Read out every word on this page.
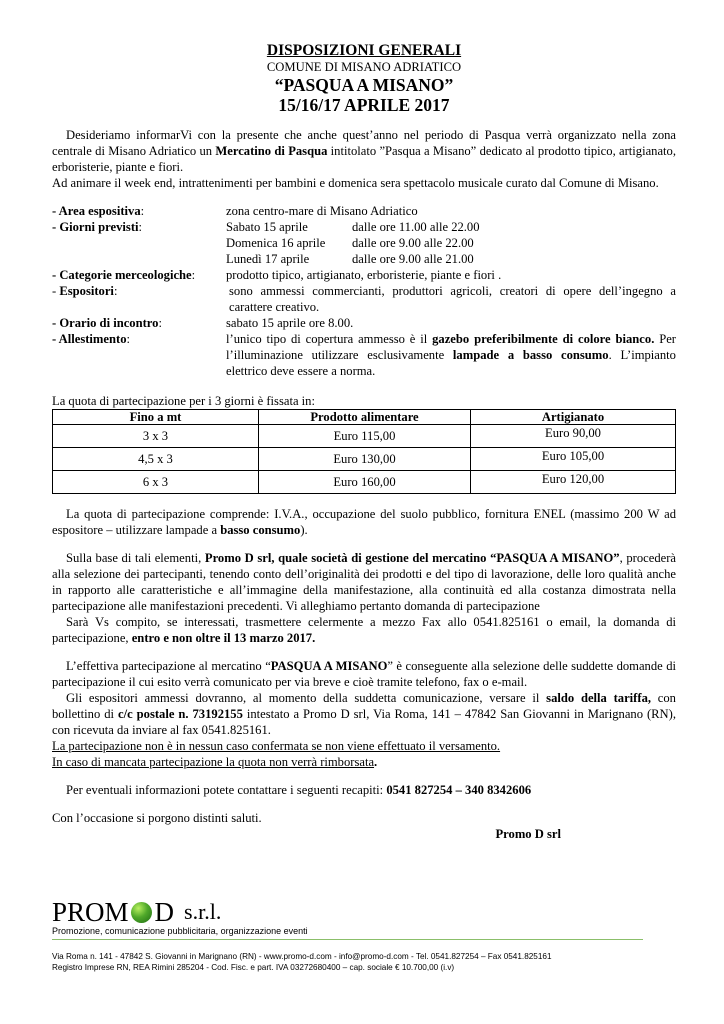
DISPOSIZIONI GENERALI
COMUNE DI MISANO ADRIATICO
“PASQUA A MISANO”
15/16/17 APRILE 2017

Desideriamo informarVi con la presente che anche quest’anno nel periodo di Pasqua verrà organizzato nella zona centrale di Misano Adriatico un Mercatino di Pasqua intitolato ”Pasqua a Misano” dedicato al prodotto tipico, artigianato, erboristerie, piante e fiori.

Ad animare il week end, intrattenimenti per bambini e domenica sera spettacolo musicale curato dal Comune di Misano.

- Area espositiva:	zona centro-mare di Misano Adriatico
- Giorni previsti:	Sabato 15 aprile	dalle ore 11.00 alle 22.00
Domenica 16 aprile	dalle ore 9.00 alle 22.00
Lunedì 17 aprile	dalle ore 9.00 alle 21.00
- Categorie merceologiche:	prodotto tipico, artigianato, erboristerie, piante e fiori .
- Espositori:	sono ammessi commercianti, produttori agricoli, creatori di opere dell’ingegno a carattere creativo.
- Orario di incontro:	sabato 15 aprile ore 8.00.
- Allestimento:	l’unico tipo di copertura ammesso è il gazebo preferibilmente di colore bianco. Per l’illuminazione utilizzare esclusivamente lampade a basso consumo. L’impianto elettrico deve essere a norma.

La quota di partecipazione per i 3 giorni è fissata in:

Fino a mt	Prodotto alimentare	Artigianato
3 x 3	Euro 115,00	Euro 90,00
4,5 x 3	Euro 130,00	Euro 105,00
6 x 3	Euro 160,00	Euro 120,00

La quota di partecipazione comprende: I.V.A., occupazione del suolo pubblico, fornitura ENEL (massimo 200 W ad espositore – utilizzare lampade a basso consumo).

Sulla base di tali elementi, Promo D srl, quale società di gestione del mercatino “PASQUA A MISANO”, procederà alla selezione dei partecipanti, tenendo conto dell’originalità dei prodotti e del tipo di lavorazione, delle loro qualità anche in rapporto alle caratteristiche e all’immagine della manifestazione, alla continuità ed alla costanza dimostrata nella partecipazione alle manifestazioni precedenti. Vi alleghiamo pertanto domanda di partecipazione

Sarà Vs compito, se interessati, trasmettere celermente a mezzo Fax allo 0541.825161 o email, la domanda di partecipazione, entro e non oltre il 13 marzo 2017.

L’effettiva partecipazione al mercatino “PASQUA A MISANO” è conseguente alla selezione delle suddette domande di partecipazione il cui esito verrà comunicato per via breve e cioè tramite telefono, fax o e-mail.

Gli espositori ammessi dovranno, al momento della suddetta comunicazione, versare il saldo della tariffa, con bollettino di c/c postale n. 73192155 intestato a Promo D srl, Via Roma, 141 – 47842 San Giovanni in Marignano (RN), con ricevuta da inviare al fax 0541.825161.

La partecipazione non è in nessun caso confermata se non viene effettuato il versamento.

In caso di mancata partecipazione la quota non verrà rimborsata.

Per eventuali informazioni potete contattare i seguenti recapiti: 0541 827254 – 340 8342606

Con l’occasione si porgono distinti saluti.

Promo D srl

PROM D s.r.l.
Promozione, comunicazione pubblicitaria, organizzazione eventi
Via Roma n. 141 - 47842 S. Giovanni in Marignano (RN) - www.promo-d.com - info@promo-d.com - Tel. 0541.827254 – Fax 0541.825161
Registro Imprese RN, REA Rimini 285204 - Cod. Fisc. e part. IVA 03272680400 – cap. sociale € 10.700,00 (i.v)
